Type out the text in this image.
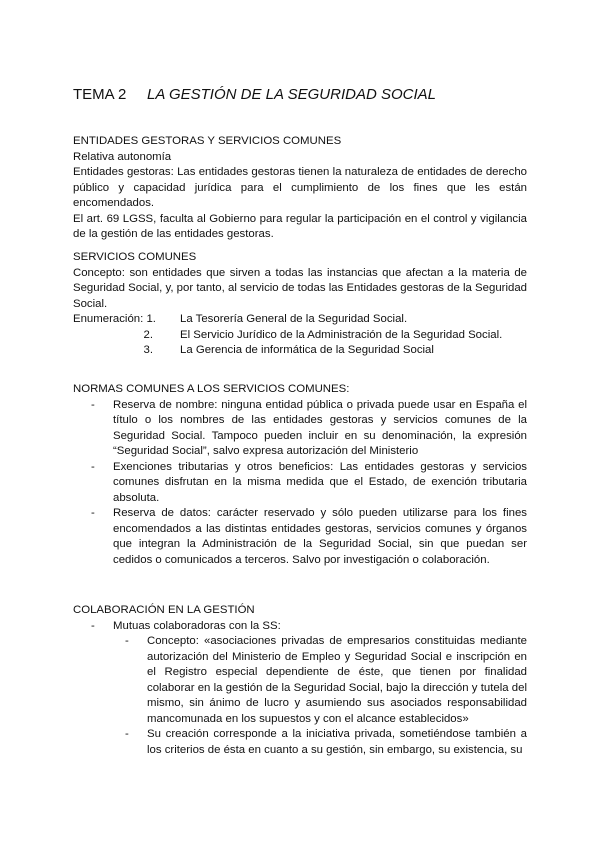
TEMA 2 LA GESTIÓN DE LA SEGURIDAD SOCIAL

ENTIDADES GESTORAS Y SERVICIOS COMUNES

Relativa autonomía

Entidades gestoras: Las entidades gestoras tienen la naturaleza de entidades de derecho público y capacidad jurídica para el cumplimiento de los fines que les están encomendados.

El art. 69 LGSS, faculta al Gobierno para regular la participación en el control y vigilancia de la gestión de las entidades gestoras.

SERVICIOS COMUNES

Concepto: son entidades que sirven a todas las instancias que afectan a la materia de Seguridad Social, y, por tanto, al servicio de todas las Entidades gestoras de la Seguridad Social.

Enumeración: 1.	La Tesorería General de la Seguridad Social.
2. El Servicio Jurídico de la Administración de la Seguridad Social.
3. La Gerencia de informática de la Seguridad Social

NORMAS COMUNES A LOS SERVICIOS COMUNES:

- Reserva de nombre: ninguna entidad pública o privada puede usar en España el título o los nombres de las entidades gestoras y servicios comunes de la Seguridad Social. Tampoco pueden incluir en su denominación, la expresión “Seguridad Social”, salvo expresa autorización del Ministerio
- Exenciones tributarias y otros beneficios: Las entidades gestoras y servicios comunes disfrutan en la misma medida que el Estado, de exención tributaria absoluta.
- Reserva de datos: carácter reservado y sólo pueden utilizarse para los fines encomendados a las distintas entidades gestoras, servicios comunes y órganos que integran la Administración de la Seguridad Social, sin que puedan ser cedidos o comunicados a terceros. Salvo por investigación o colaboración.

COLABORACIÓN EN LA GESTIÓN

- Mutuas colaboradoras con la SS:
- Concepto: «asociaciones privadas de empresarios constituidas mediante autorización del Ministerio de Empleo y Seguridad Social e inscripción en el Registro especial dependiente de éste, que tienen por finalidad colaborar en la gestión de la Seguridad Social, bajo la dirección y tutela del mismo, sin ánimo de lucro y asumiendo sus asociados responsabilidad mancomunada en los supuestos y con el alcance establecidos»
- Su creación corresponde a la iniciativa privada, sometiéndose también a los criterios de ésta en cuanto a su gestión, sin embargo, su existencia, su
